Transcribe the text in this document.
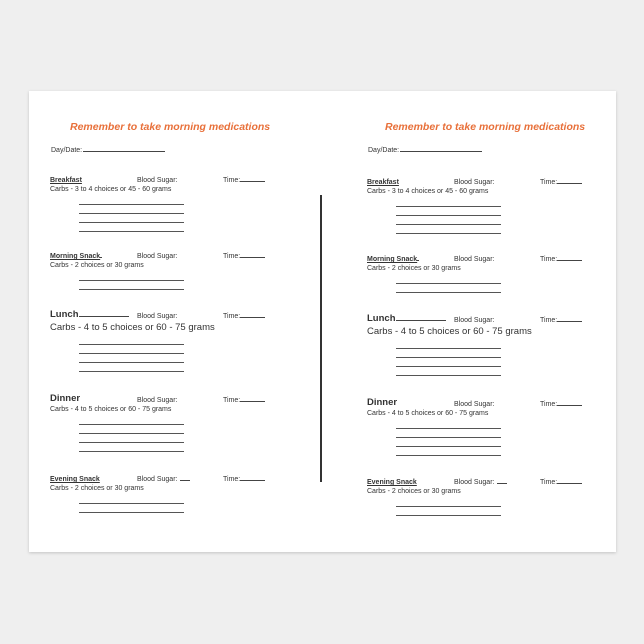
Remember to take morning medications
Day/Date:
Breakfast	Blood Sugar:	Time:
Carbs - 3 to 4 choices or 45 - 60 grams
Morning Snack	Blood Sugar:	Time:
Carbs - 2 choices or 30 grams
Lunch	Blood Sugar:	Time:
Carbs - 4 to 5 choices or 60 - 75 grams
Dinner	Blood Sugar:	Time:
Carbs - 4 to 5 choices or 60 - 75 grams
Evening Snack	Blood Sugar:	Time:
Carbs - 2 choices or 30 grams
Remember to take morning medications
Day/Date:
Breakfast	Blood Sugar:	Time:
Carbs - 3 to 4 choices or 45 - 60 grams
Morning Snack	Blood Sugar:	Time:
Carbs - 2 choices or 30 grams
Lunch	Blood Sugar:	Time:
Carbs - 4 to 5 choices or 60 - 75 grams
Dinner	Blood Sugar:	Time:
Carbs - 4 to 5 choices or 60 - 75 grams
Evening Snack	Blood Sugar:	Time:
Carbs - 2 choices or 30 grams
